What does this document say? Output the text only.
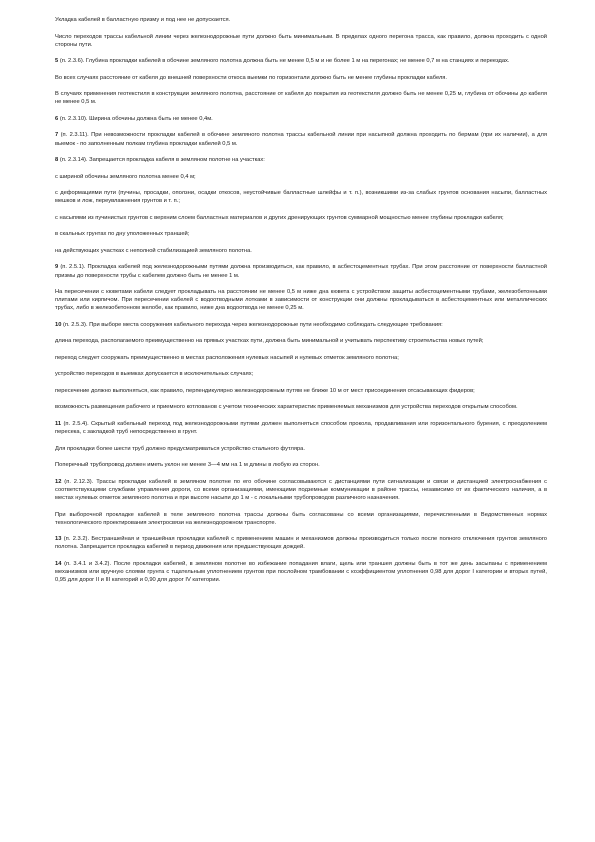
Укладка кабелей в балластную призму и под нее не допускается.

Число переходов трассы кабельной линии через железнодорожные пути должно быть минимальным. В пределах одного перегона трасса, как правило, должна проходить с одной стороны пути.

5 (п. 2.3.6). Глубина прокладки кабелей в обочине земляного полотна должна быть не менее 0,5 м и не более 1 м на перегонах; не менее 0,7 м на станциях и переездах.

Во всех случаях расстояние от кабеля до внешней поверхности откоса выемки по горизонтали должно быть не менее глубины прокладки кабеля.

В случаях применения геотекстиля в конструкции земляного полотна, расстояние от кабеля до покрытия из геотекстиля должно быть не менее 0,25 м, глубина от обочины до кабеля не менее 0,5 м.

6 (п. 2.3.10). Ширина обочины должна быть не менее 0,4м.

7 (п. 2.3.11). При невозможности прокладки кабелей в обочине земляного полотна трассы кабельной линии при насыпной должна проходить по бермам (при их наличии), а для выемок - по заполненным полкам глубина прокладки кабелей 0,5 м.

8 (п. 2.3.14). Запрещается прокладка кабеля в земляном полотне на участках:

с шириной обочины земляного полотна менее 0,4 м;

с деформациями пути (пучины, просадки, оползни, осадки откосов, неустойчивые балластные шлейфы и т. п.), возникшими из-за слабых грунтов основания насыпи, балластных мешков и лож, переувлажнения грунтов и т. п.;

с насыпями из пучинистых грунтов с верхним слоем балластных материалов и других дренирующих грунтов суммарной мощностью менее глубины прокладки кабеля;

в скальных грунтах по дну уположенных траншей;

на действующих участках с неполной стабилизацией земляного полотна.

9 (п. 2.5.1). Прокладка кабелей под железнодорожными путями должна производиться, как правило, в асбестоцементных трубах. При этом расстояние от поверхности балластной призмы до поверхности трубы с кабелем должно быть не менее 1 м.

На пересечении с кюветами кабели следует прокладывать на расстоянии не менее 0,5 м ниже дна кювета с устройством защиты асбестоцементными трубами, железобетонными плитами или кирпичом. При пересечении кабелей с водоотводными лотками в зависимости от конструкции они должны прокладываться в асбестоцементных или металлических трубах, либо в железобетонном желобе, как правило, ниже дна водоотвода не менее 0,25 м.

10 (п. 2.5.3). При выборе места сооружения кабельного перехода через железнодорожные пути необходимо соблюдать следующие требования:

длина перехода, располагаемого преимущественно на прямых участках пути, должна быть минимальной и учитывать перспективу строительства новых путей;

переход следует сооружать преимущественно в местах расположения нулевых насыпей и нулевых отметок земляного полотна;

устройство переходов в выемках допускается в исключительных случаях;

пересечение должно выполняться, как правило, перпендикулярно железнодорожным путям не ближе 10 м от мест присоединения отсасывающих фидеров;

возможность размещения рабочего и приемного котлованов с учетом технических характеристик применяемых механизмов для устройства переходов открытым способом.

11 (п. 2.5.4). Скрытый кабельный переход под железнодорожными путями должен выполняться способом прокола, продавливания или горизонтального бурения, с преодолением пересека, с закладкой труб непосредственно в грунт.

Для прокладки более шести труб должно предусматриваться устройство стального футляра.

Поперечный трубопровод должен иметь уклон не менее 3—4 мм на 1 м длины в любую из сторон.

12 (п. 2.12.3). Трассы прокладки кабелей в земляном полотне по его обочине согласовываются с дистанциями пути сигнализации и связи и дистанцией электроснабжения с соответствующими службами управления дороги, со всеми организациями, имеющими подземные коммуникации в районе трассы, независимо от их фактического наличия, а в местах нулевых отметок земляного полотна и при высоте насыпи до 1 м - с локальными трубопроводов различного назначения.

При выборочной прокладке кабелей в теле земляного полотна трассы должны быть согласованы со всеми организациями, перечисленными в Ведомственных нормах технологического проектирования электросвязи на железнодорожном транспорте.

13 (п. 2.3.2). Бестраншейная и траншейная прокладки кабелей с применением машин и механизмов должны производиться только после полного отключения грунтов земляного полотна. Запрещается прокладка кабелей в период движения или предшествующих дождей.

14 (п. 3.4.1 и 3.4.2). После прокладки кабелей, в земляном полотне во избежание попадания влаги, щель или траншея должны быть в тот же день засыпаны с применением механизмов или вручную слоями грунта с тщательным уплотнением грунтов при послойном трамбовании с коэффициентом уплотнения 0,98 для дорог I категории и вторых путей, 0,95 для дорог II и III категорий и 0,90 для дорог IV категории.
